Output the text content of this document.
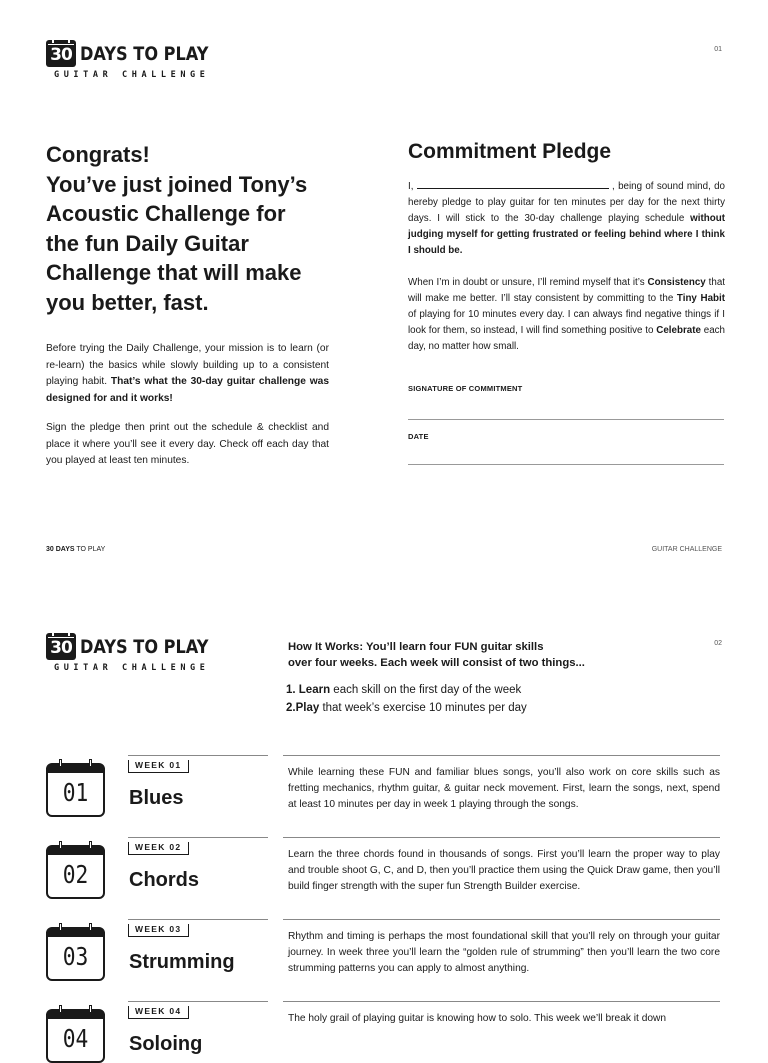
30 DAYS TO PLAY
GUITAR CHALLENGE
01
Congrats!
You’ve just joined Tony’s
Acoustic Challenge for
the fun Daily Guitar
Challenge that will make
you better, fast.

Before trying the Daily Challenge, your mission is to learn (or re-learn) the basics while slowly building up to a consistent playing habit. That’s what the 30-day guitar challenge was designed for and it works!

Sign the pledge then print out the schedule & checklist and place it where you’ll see it every day. Check off each day that you played at least ten minutes.

Commitment Pledge

I,	, being of sound mind, do hereby pledge to play guitar for ten minutes per day for the next thirty days. I will stick to the 30-day challenge playing schedule without judging myself for getting frustrated or feeling behind where I think I should be.

When I’m in doubt or unsure, I’ll remind myself that it’s Consistency that will make me better. I’ll stay consistent by committing to the Tiny Habit of playing for 10 minutes every day. I can always find negative things if I look for them, so instead, I will find something positive to Celebrate each day, no matter how small.

SIGNATURE OF COMMITMENT
DATE
30 DAYS TO PLAY	GUITAR CHALLENGE
30 DAYS TO PLAY
GUITAR CHALLENGE
02
How It Works: You’ll learn four FUN guitar skills
over four weeks. Each week will consist of two things...
1. Learn each skill on the first day of the week
2.Play that week’s exercise 10 minutes per day
01
WEEK 01
Blues
While learning these FUN and familiar blues songs, you’ll also work on core skills such as fretting mechanics, rhythm guitar, & guitar neck movement. First, learn the songs, next, spend at least 10 minutes per day in week 1 playing through the songs.
02
WEEK 02
Chords
Learn the three chords found in thousands of songs. First you’ll learn the proper way to play and trouble shoot G, C, and D, then you’ll practice them using the Quick Draw game, then you’ll build finger strength with the super fun Strength Builder exercise.
03
WEEK 03
Strumming
Rhythm and timing is perhaps the most foundational skill that you’ll rely on through your guitar journey. In week three you’ll learn the “golden rule of strumming” then you’ll learn the two core strumming patterns you can apply to almost anything.
04
WEEK 04
Soloing
The holy grail of playing guitar is knowing how to solo. This week we’ll break it down
